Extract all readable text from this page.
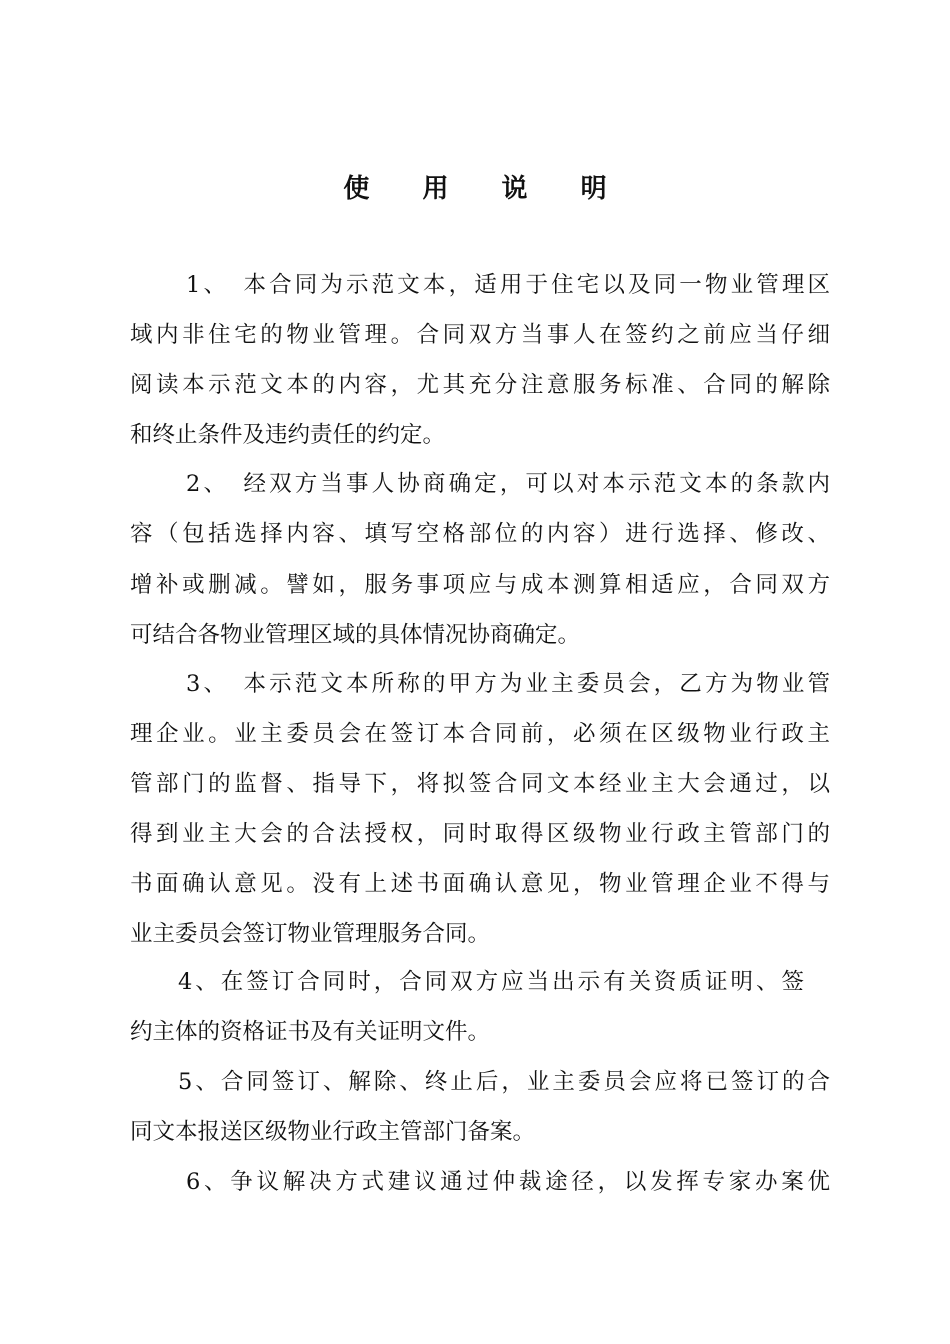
使 用 说 明
1、　本合同为示范文本，适用于住宅以及同一物业管理区
域内非住宅的物业管理。合同双方当事人在签约之前应当仔细
阅读本示范文本的内容，尤其充分注意服务标准、合同的解除
和终止条件及违约责任的约定。
2、　经双方当事人协商确定，可以对本示范文本的条款内
容（包括选择内容、填写空格部位的内容）进行选择、修改、
增补或删减。譬如，服务事项应与成本测算相适应，合同双方
可结合各物业管理区域的具体情况协商确定。
3、　本示范文本所称的甲方为业主委员会，乙方为物业管
理企业。业主委员会在签订本合同前，必须在区级物业行政主
管部门的监督、指导下，将拟签合同文本经业主大会通过，以
得到业主大会的合法授权，同时取得区级物业行政主管部门的
书面确认意见。没有上述书面确认意见，物业管理企业不得与
业主委员会签订物业管理服务合同。
4、在签订合同时，合同双方应当出示有关资质证明、签
约主体的资格证书及有关证明文件。
5、合同签订、解除、终止后，业主委员会应将已签订的合
同文本报送区级物业行政主管部门备案。
6、争议解决方式建议通过仲裁途径，以发挥专家办案优
